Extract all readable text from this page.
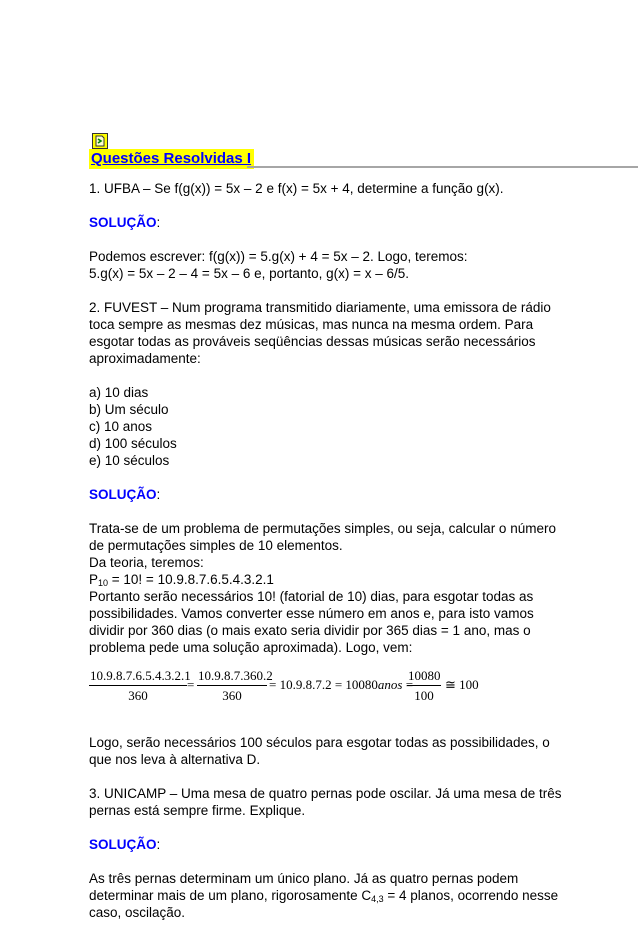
Questões Resolvidas I

1. UFBA – Se f(g(x)) = 5x – 2 e f(x) = 5x + 4, determine a função g(x).

SOLUÇÃO:

Podemos escrever: f(g(x)) = 5.g(x) + 4 = 5x – 2. Logo, teremos:
5.g(x) = 5x – 2 – 4 = 5x – 6 e, portanto, g(x) = x – 6/5.

2. FUVEST – Num programa transmitido diariamente, uma emissora de rádio
toca sempre as mesmas dez músicas, mas nunca na mesma ordem. Para
esgotar todas as prováveis seqüências dessas músicas serão necessários
aproximadamente:

a) 10 dias
b) Um século
c) 10 anos
d) 100 séculos
e) 10 séculos

SOLUÇÃO:

Trata-se de um problema de permutações simples, ou seja, calcular o número
de permutações simples de 10 elementos.
Da teoria, teremos:
$P_{10} = 10$! = 10.9.8.7.6.5.4.3.2.1
Portanto serão necessários 10! (fatorial de 10) dias, para esgotar todas as
possibilidades. Vamos converter esse número em anos e, para isto vamos
dividir por 360 dias (o mais exato seria dividir por 365 dias = 1 ano, mas o
problema pede uma solução aproximada). Logo, vem:

$\frac{10.9.8.7.6.5.4.3.2.1}{360} = \frac{10.9.8.7.360.2}{360} = 10.9.8.7.2$ = 10080anos =
$\frac{10080}{100}$ ≅ 100

Logo, serão necessários 100 séculos para esgotar todas as possibilidades, o
que nos leva à alternativa D.

3. UNICAMP – Uma mesa de quatro pernas pode oscilar. Já uma mesa de três
pernas está sempre firme. Explique.

SOLUÇÃO:

As três pernas determinam um único plano. Já as quatro pernas podem
determinar mais de um plano, rigorosamente $C_{4,3} = 4$ planos, ocorrendo nesse
caso, oscilação.
